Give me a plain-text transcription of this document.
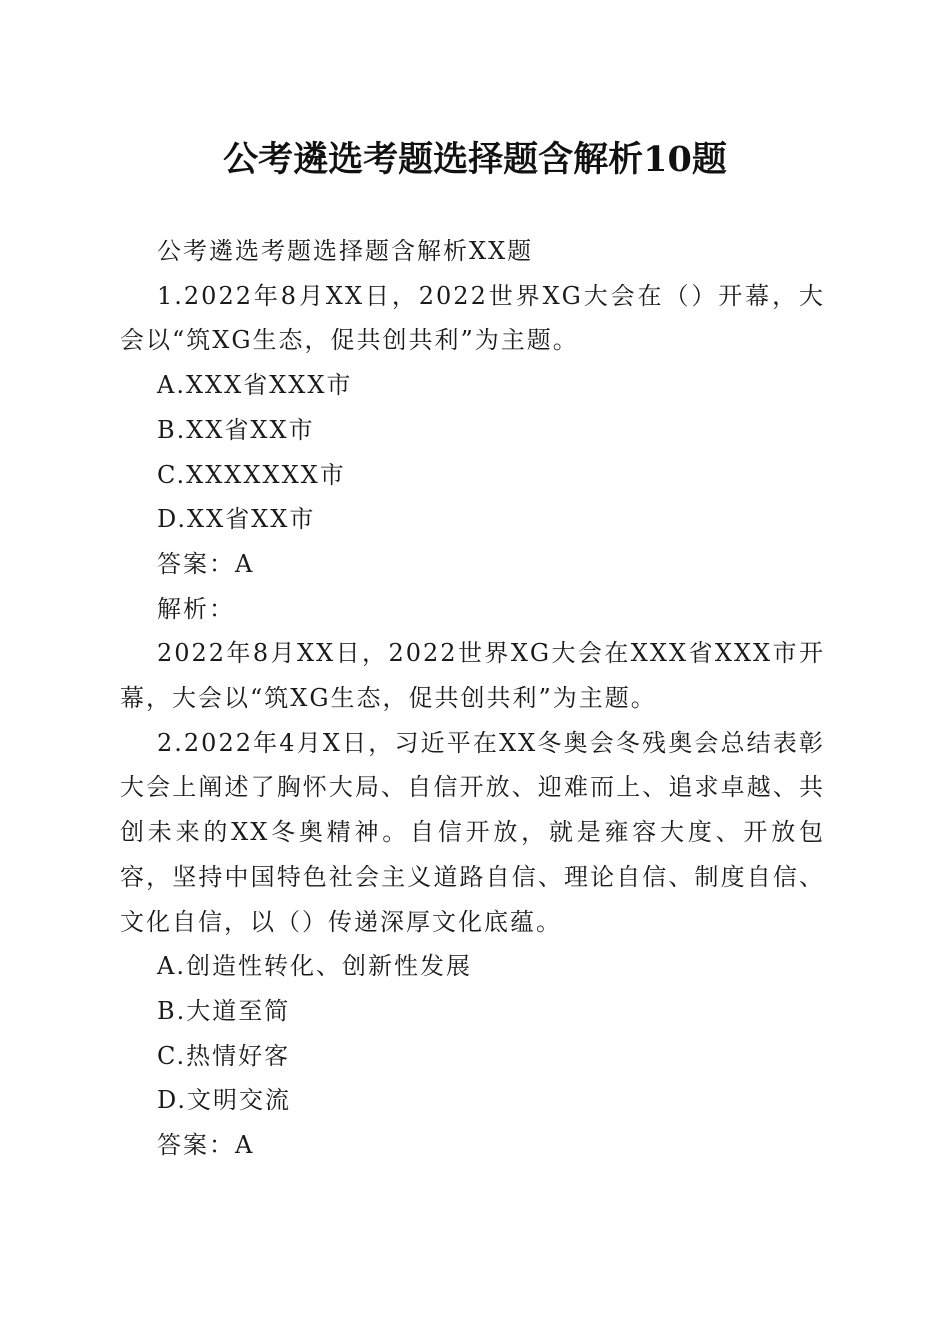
公考遴选考题选择题含解析10题

公考遴选考题选择题含解析XX题

1.2022年8月XX日，2022世界XG大会在（）开幕，大会以“筑XG生态，促共创共利”为主题。

A.XXX省XXX市

B.XX省XX市

C.XXXXXXX市

D.XX省XX市

答案：A

解析：

2022年8月XX日，2022世界XG大会在XXX省XXX市开幕，大会以“筑XG生态，促共创共利”为主题。

2.2022年4月X日，习近平在XX冬奥会冬残奥会总结表彰大会上阐述了胸怀大局、自信开放、迎难而上、追求卓越、共创未来的XX冬奥精神。自信开放，就是雍容大度、开放包容，坚持中国特色社会主义道路自信、理论自信、制度自信、文化自信，以（）传递深厚文化底蕴。

A.创造性转化、创新性发展

B.大道至简

C.热情好客

D.文明交流

答案：A
